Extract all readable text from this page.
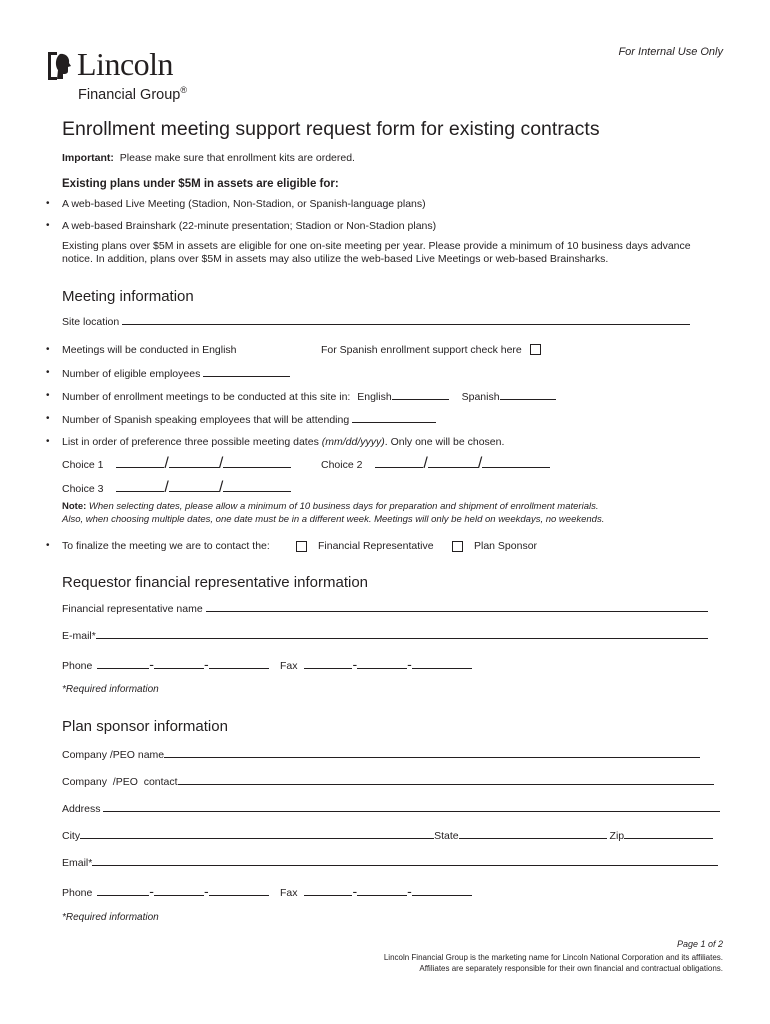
For Internal Use Only
Lincoln
Financial Group®
Enrollment meeting support request form for existing contracts
Important: Please make sure that enrollment kits are ordered.
Existing plans under $5M in assets are eligible for:
• A web-based Live Meeting (Stadion, Non-Stadion, or Spanish-language plans)
• A web-based Brainshark (22-minute presentation; Stadion or Non-Stadion plans)
Existing plans over $5M in assets are eligible for one on-site meeting per year. Please provide a minimum of 10 business days advance
notice. In addition, plans over $5M in assets may also utilize the web-based Live Meetings or web-based Brainsharks.
Meeting information
Site location
• Meetings will be conducted in English	For Spanish enrollment support check here
• Number of eligible employees
• Number of enrollment meetings to be conducted at this site in: English	Spanish
• Number of Spanish speaking employees that will be attending
• List in order of preference three possible meeting dates (mm/dd/yyyy). Only one will be chosen.
Choice 1	/	/	Choice 2	/	/
Choice 3	/	/
Note: When selecting dates, please allow a minimum of 10 business days for preparation and shipment of enrollment materials.
Also, when choosing multiple dates, one date must be in a different week. Meetings will only be held on weekdays, no weekends.
• To finalize the meeting we are to contact the:	Financial Representative	Plan Sponsor
Requestor financial representative information
Financial representative name
E-mail*
Phone	-	-	Fax	-	-
*Required information
Plan sponsor information
Company /PEO name
Company  /PEO  contact
Address
City	State	Zip
Email*
Phone	-	-	Fax	-	-
*Required information
Page 1 of 2
Lincoln Financial Group is the marketing name for Lincoln National Corporation and its affiliates.
Affiliates are separately responsible for their own financial and contractual obligations.
